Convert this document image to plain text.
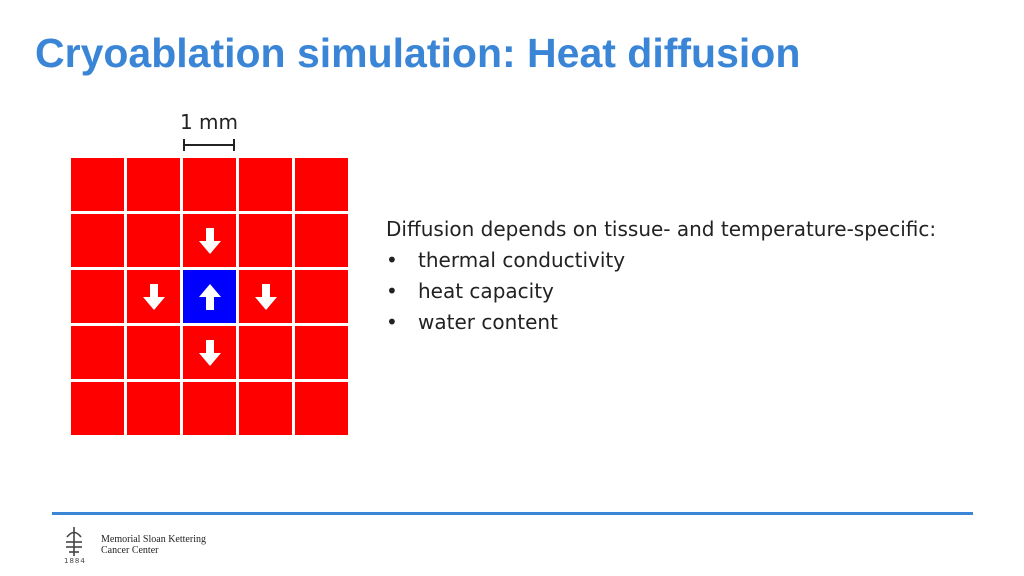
Cryoablation simulation: Heat diffusion
1 mm
Diffusion depends on tissue- and temperature-specific:
• thermal conductivity
• heat capacity
• water content
1884
Memorial Sloan Kettering
Cancer Center
